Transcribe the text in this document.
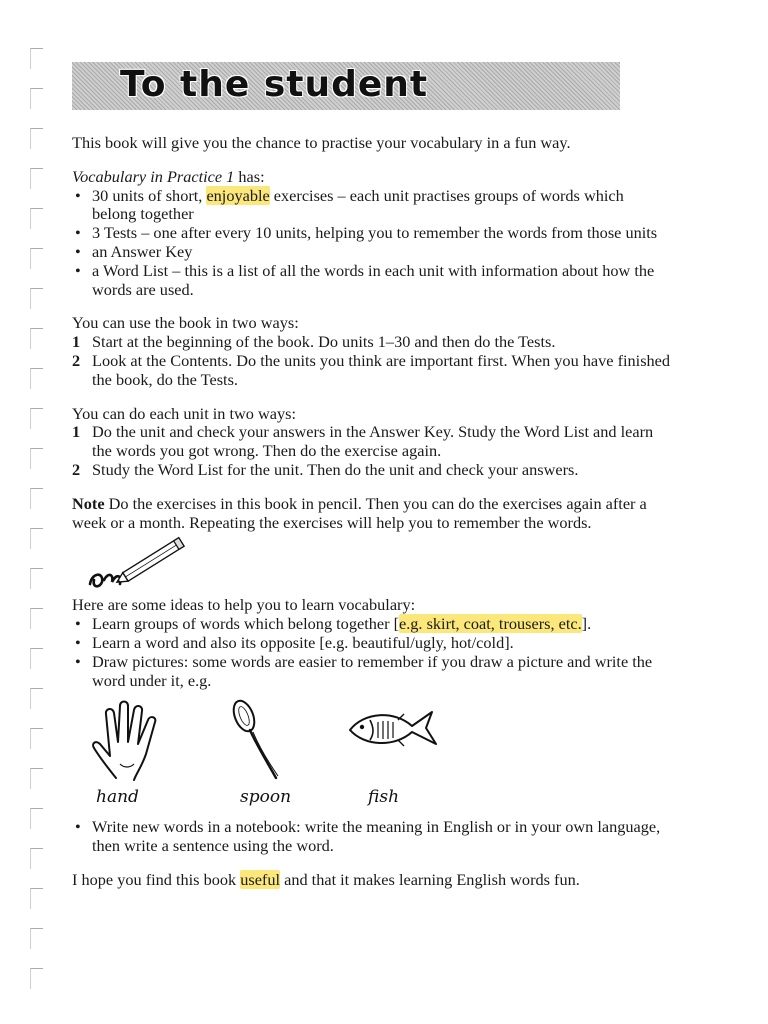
To the student

This book will give you the chance to practise your vocabulary in a fun way.

Vocabulary in Practice 1 has:

• 30 units of short, enjoyable exercises – each unit practises groups of words which belong together
• 3 Tests – one after every 10 units, helping you to remember the words from those units
• an Answer Key
• a Word List – this is a list of all the words in each unit with information about how the words are used.

You can use the book in two ways:

1 Start at the beginning of the book. Do units 1–30 and then do the Tests.
2 Look at the Contents. Do the units you think are important first. When you have finished the book, do the Tests.

You can do each unit in two ways:

1 Do the unit and check your answers in the Answer Key. Study the Word List and learn the words you got wrong. Then do the exercise again.
2 Study the Word List for the unit. Then do the unit and check your answers.

Note Do the exercises in this book in pencil. Then you can do the exercises again after a week or a month. Repeating the exercises will help you to remember the words.

Here are some ideas to help you to learn vocabulary:

• Learn groups of words which belong together [e.g. skirt, coat, trousers, etc.].
• Learn a word and also its opposite [e.g. beautiful/ugly, hot/cold].
• Draw pictures: some words are easier to remember if you draw a picture and write the word under it, e.g.
hand	spoon	fish
• Write new words in a notebook: write the meaning in English or in your own language, then write a sentence using the word.

I hope you find this book useful and that it makes learning English words fun.
